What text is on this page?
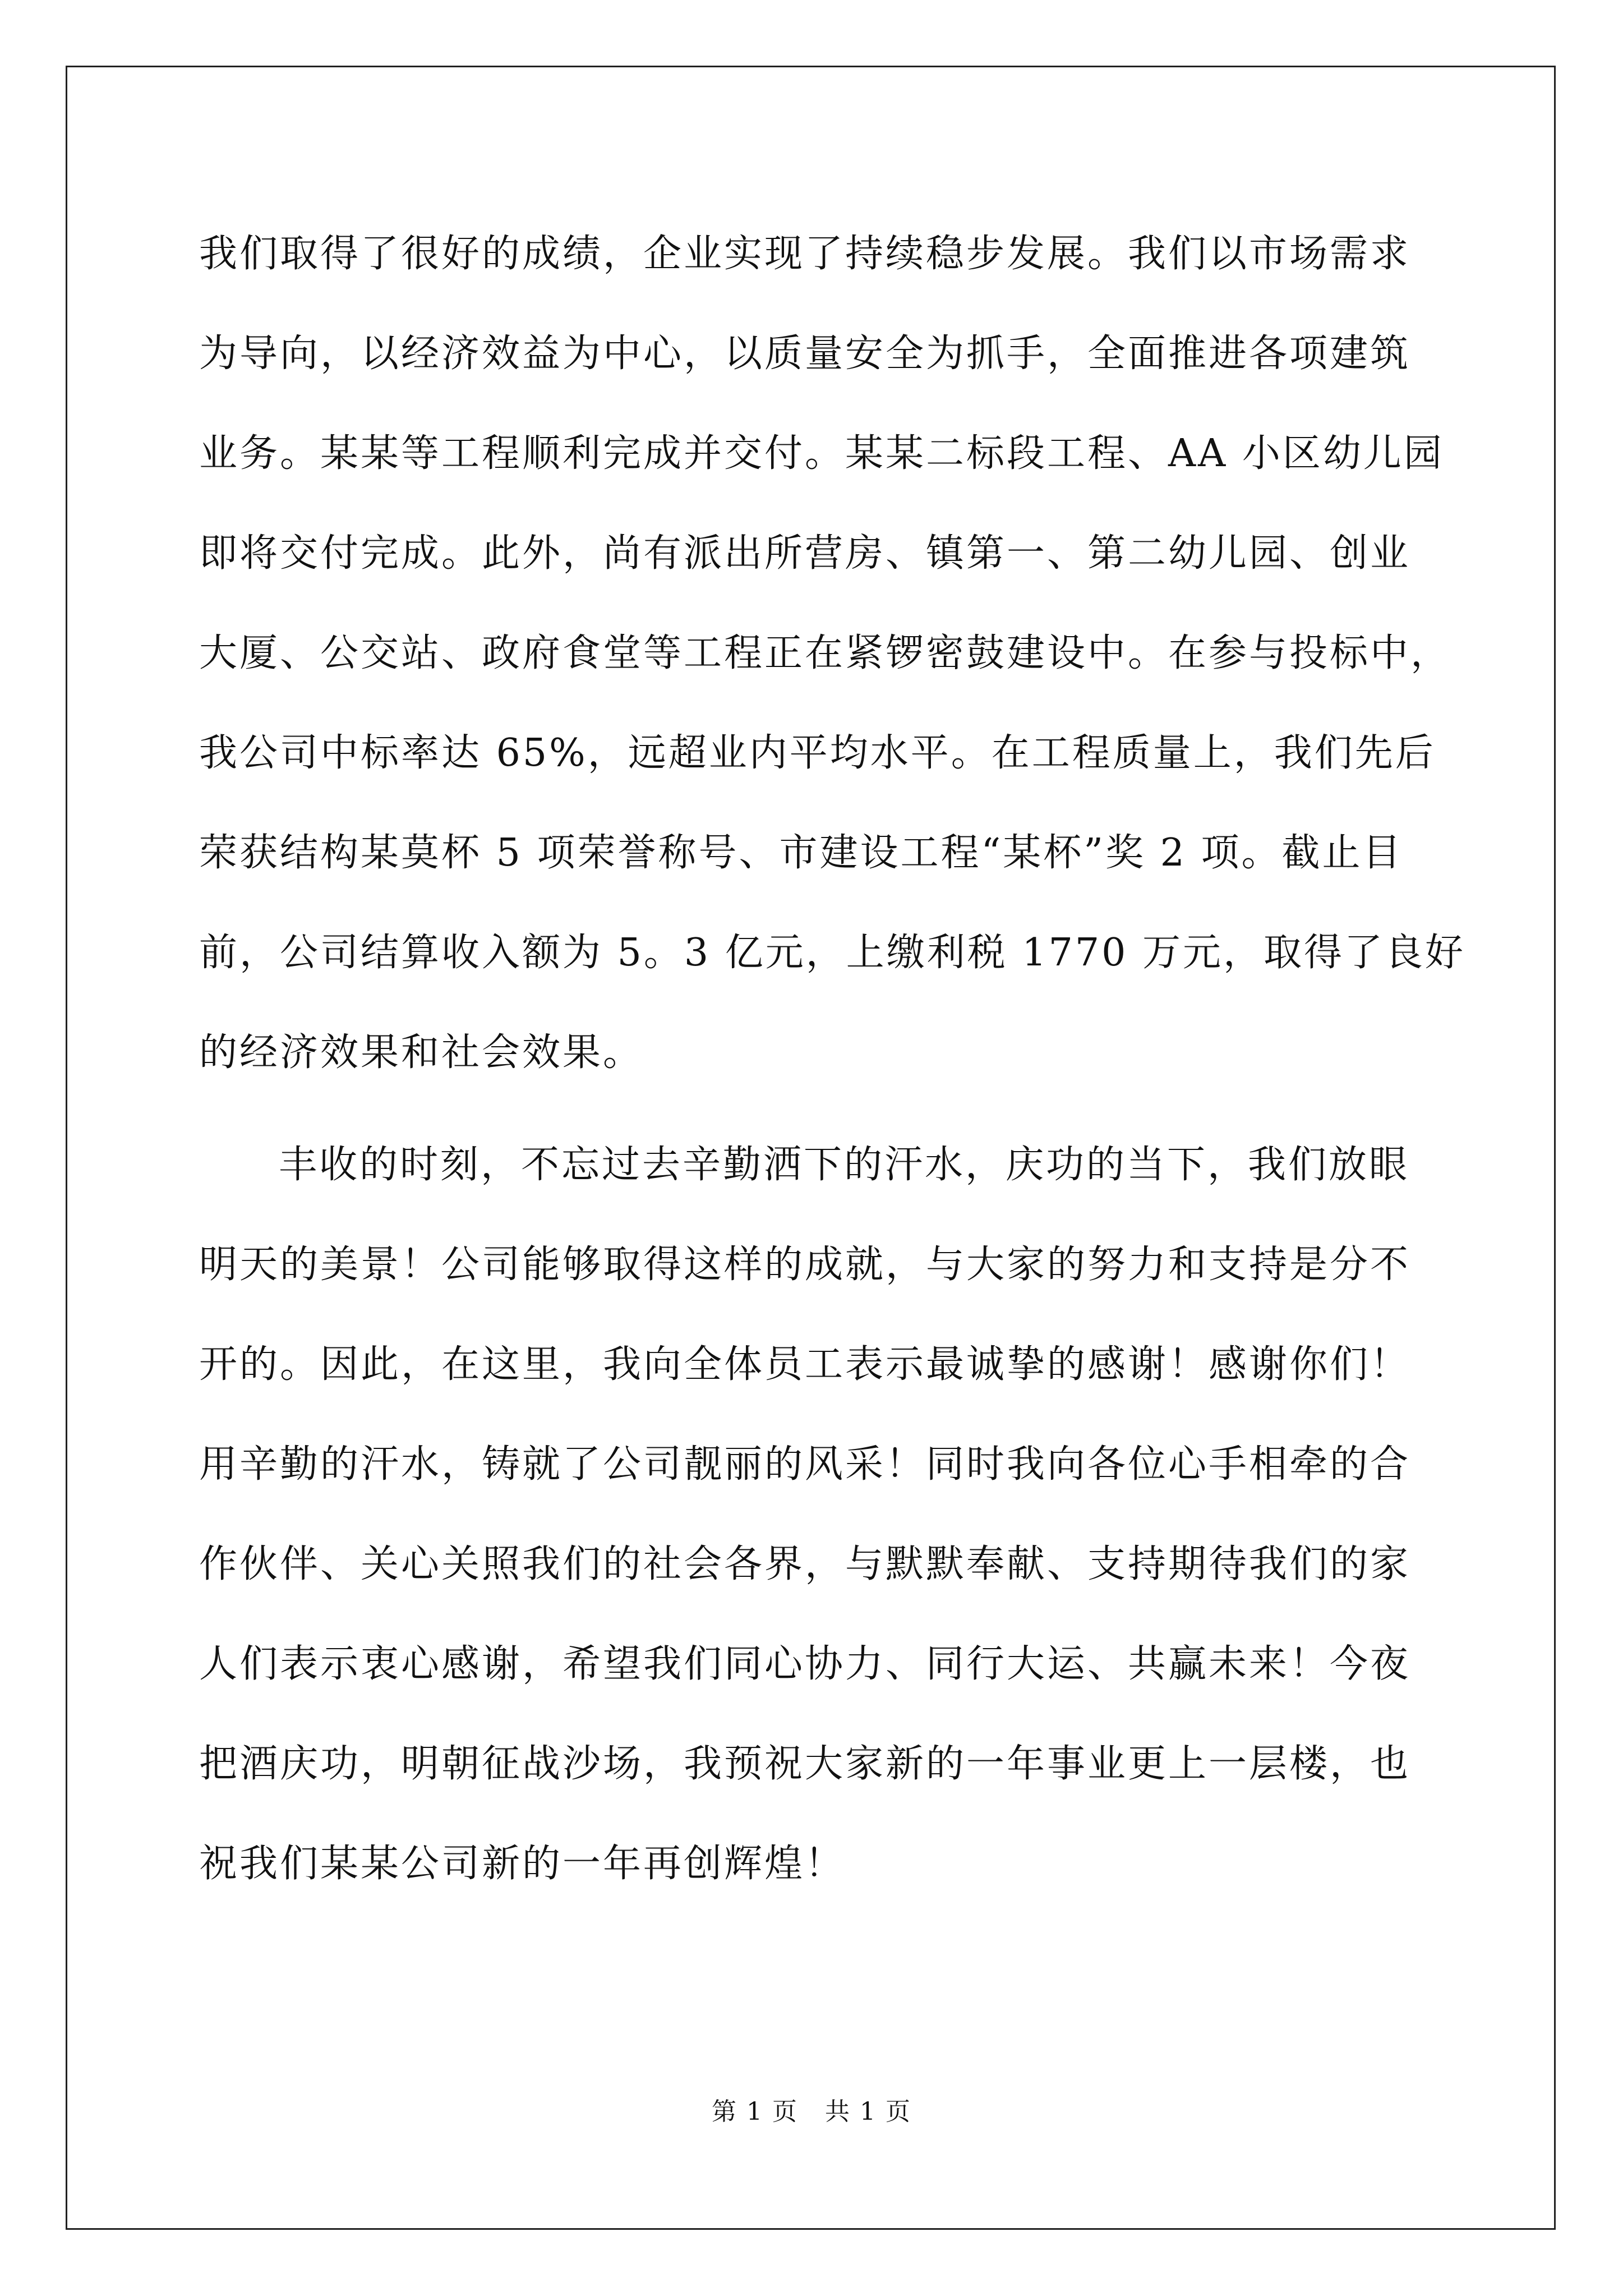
我们取得了很好的成绩，企业实现了持续稳步发展。我们以市场需求
为导向，以经济效益为中心，以质量安全为抓手，全面推进各项建筑
业务。某某等工程顺利完成并交付。某某二标段工程、AA 小区幼儿园
即将交付完成。此外，尚有派出所营房、镇第一、第二幼儿园、创业
大厦、公交站、政府食堂等工程正在紧锣密鼓建设中。在参与投标中，
我公司中标率达 65%，远超业内平均水平。在工程质量上，我们先后
荣获结构某莫杯 5 项荣誉称号、市建设工程“某杯”奖 2 项。截止目
前，公司结算收入额为 5。3 亿元，上缴利税 1770 万元，取得了良好
的经济效果和社会效果。
丰收的时刻，不忘过去辛勤洒下的汗水，庆功的当下，我们放眼
明天的美景！公司能够取得这样的成就，与大家的努力和支持是分不
开的。因此，在这里，我向全体员工表示最诚挚的感谢！感谢你们！
用辛勤的汗水，铸就了公司靓丽的风采！同时我向各位心手相牵的合
作伙伴、关心关照我们的社会各界，与默默奉献、支持期待我们的家
人们表示衷心感谢，希望我们同心协力、同行大运、共赢未来！今夜
把酒庆功，明朝征战沙场，我预祝大家新的一年事业更上一层楼，也
祝我们某某公司新的一年再创辉煌！
第 1 页 共 1 页
